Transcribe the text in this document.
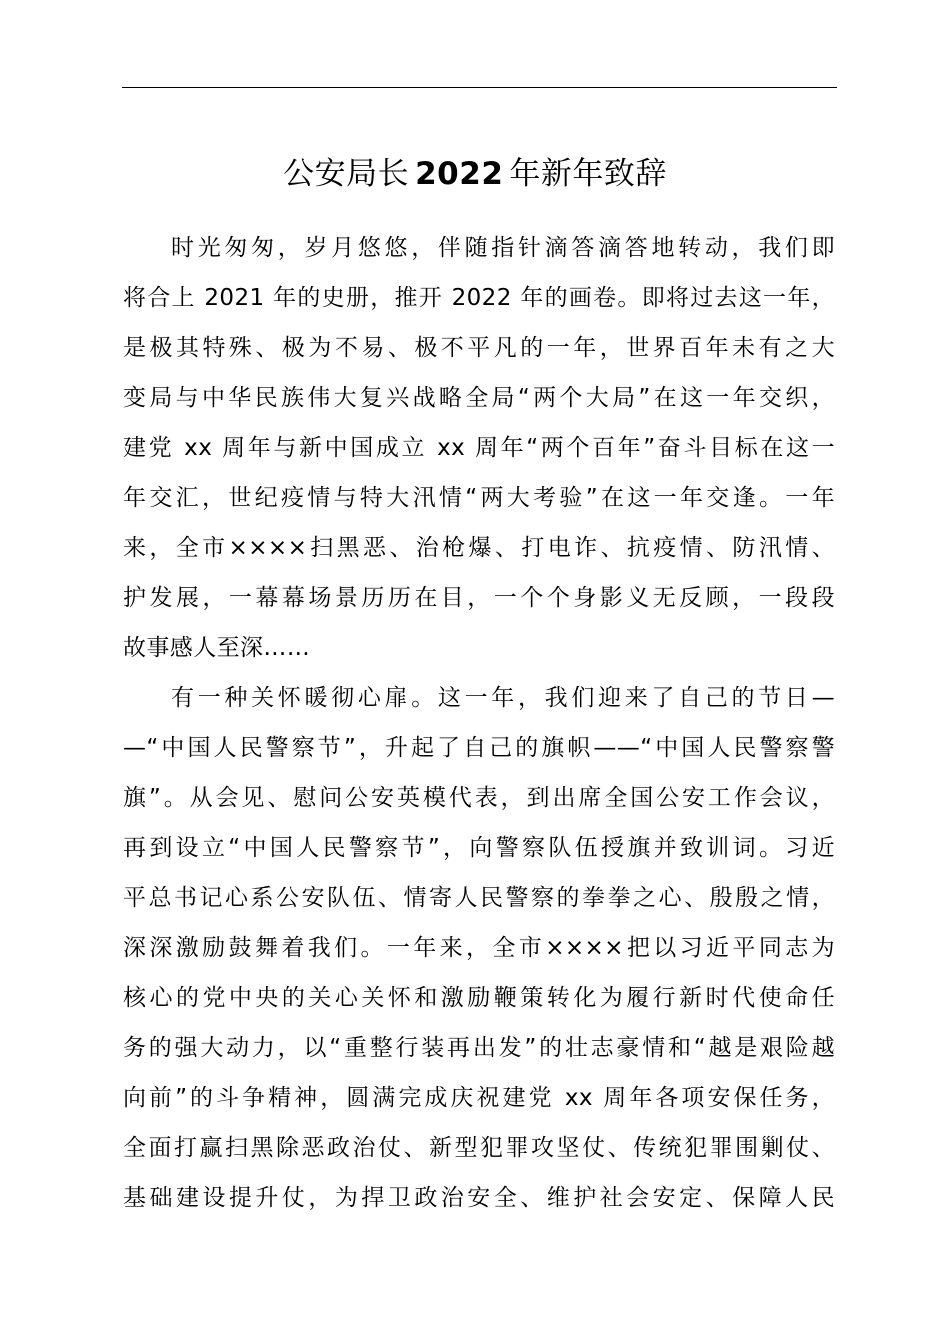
公安局长 2022 年新年致辞
时光匆匆，岁月悠悠，伴随指针滴答滴答地转动，我们即
将合上 2021 年的史册，推开 2022 年的画卷。即将过去这一年，
是极其特殊、极为不易、极不平凡的一年，世界百年未有之大
变局与中华民族伟大复兴战略全局“两个大局”在这一年交织，
建党 xx 周年与新中国成立 xx 周年“两个百年”奋斗目标在这一
年交汇，世纪疫情与特大汛情“两大考验”在这一年交逢。一年
来，全市××××扫黑恶、治枪爆、打电诈、抗疫情、防汛情、
护发展，一幕幕场景历历在目，一个个身影义无反顾，一段段
故事感人至深……
有一种关怀暖彻心扉。这一年，我们迎来了自己的节日—
—“中国人民警察节”，升起了自己的旗帜——“中国人民警察警
旗”。从会见、慰问公安英模代表，到出席全国公安工作会议，
再到设立“中国人民警察节”，向警察队伍授旗并致训词。习近
平总书记心系公安队伍、情寄人民警察的拳拳之心、殷殷之情，
深深激励鼓舞着我们。一年来，全市××××把以习近平同志为
核心的党中央的关心关怀和激励鞭策转化为履行新时代使命任
务的强大动力，以“重整行装再出发”的壮志豪情和“越是艰险越
向前”的斗争精神，圆满完成庆祝建党 xx 周年各项安保任务，
全面打赢扫黑除恶政治仗、新型犯罪攻坚仗、传统犯罪围剿仗、
基础建设提升仗，为捍卫政治安全、维护社会安定、保障人民
